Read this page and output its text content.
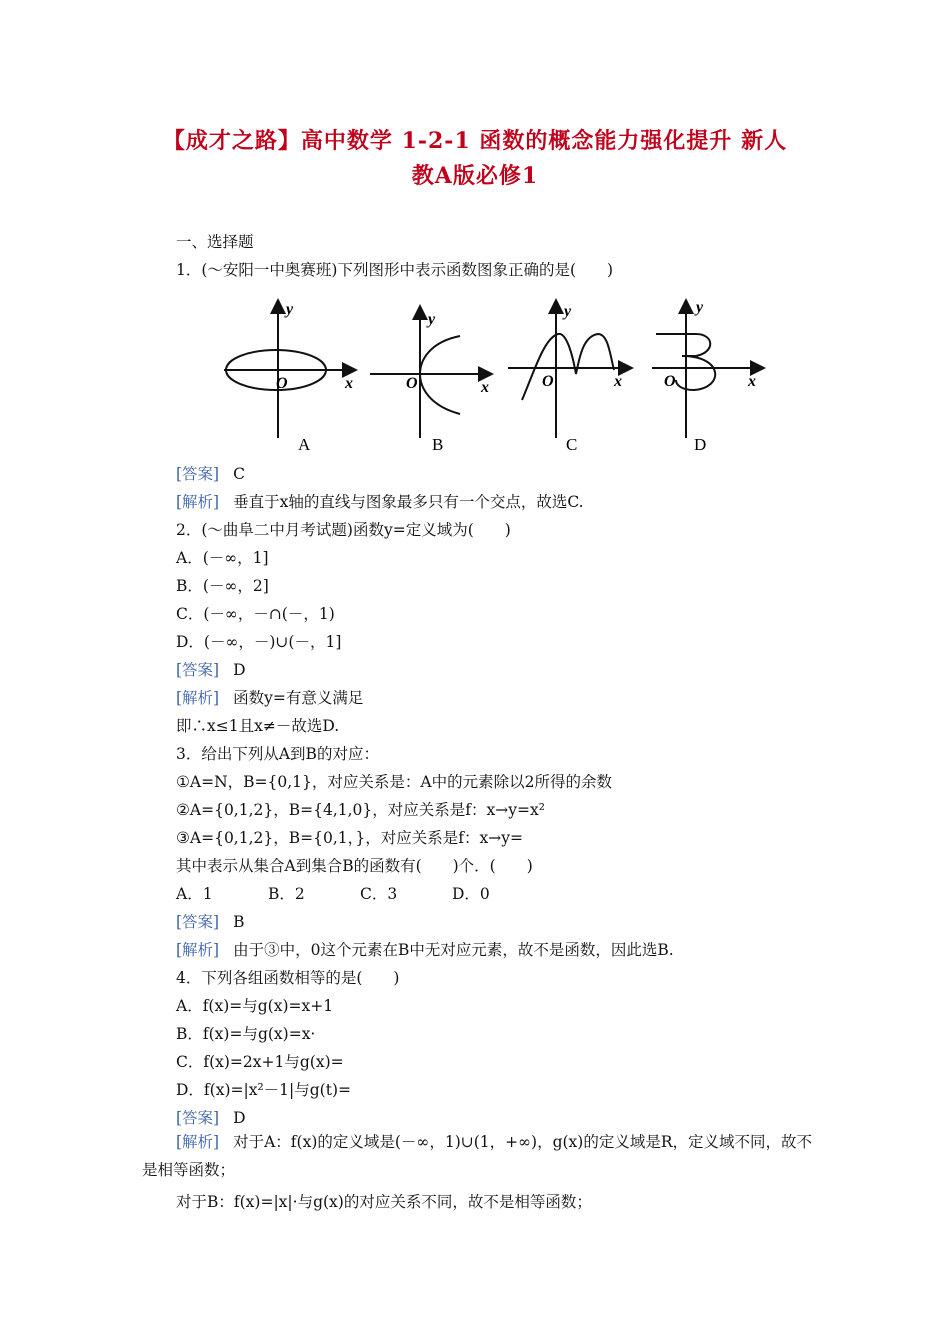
【成才之路】高中数学 1-2-1 函数的概念能力强化提升 新人
教A版必修1
一、选择题
1．(～安阳一中奥赛班)下列图形中表示函数图象正确的是(　　)
y
x
O
A
y
x
O
B
y
x
O
C
y
x
O
D
[答案] C
[解析] 垂直于x轴的直线与图象最多只有一个交点，故选C.
2．(～曲阜二中月考试题)函数y=定义域为(　　)
A．(－∞，1]
B．(－∞，2]
C．(－∞，－∩(－，1)
D．(－∞，－)∪(－，1]
[答案] D
[解析] 函数y=有意义满足
即∴x≤1且x≠－故选D.
3．给出下列从A到B的对应：
①A=N，B={0,1}，对应关系是：A中的元素除以2所得的余数
②A={0,1,2}，B={4,1,0}，对应关系是f：x→y=x²
③A={0,1,2}，B={0,1，}，对应关系是f：x→y=
其中表示从集合A到集合B的函数有(　　)个．(　　)
A．1	B．2	C．3	D．0
[答案] B
[解析] 由于③中，0这个元素在B中无对应元素，故不是函数，因此选B.
4．下列各组函数相等的是(　　)
A．f(x)=与g(x)=x+1
B．f(x)=与g(x)=x·
C．f(x)=2x+1与g(x)=
D．f(x)=|x²－1|与g(t)=
[答案] D
[解析] 对于A：f(x)的定义域是(－∞，1)∪(1，+∞)，g(x)的定义域是R，定义域不同，故不是相等函数；
对于B：f(x)=|x|·与g(x)的对应关系不同，故不是相等函数；
